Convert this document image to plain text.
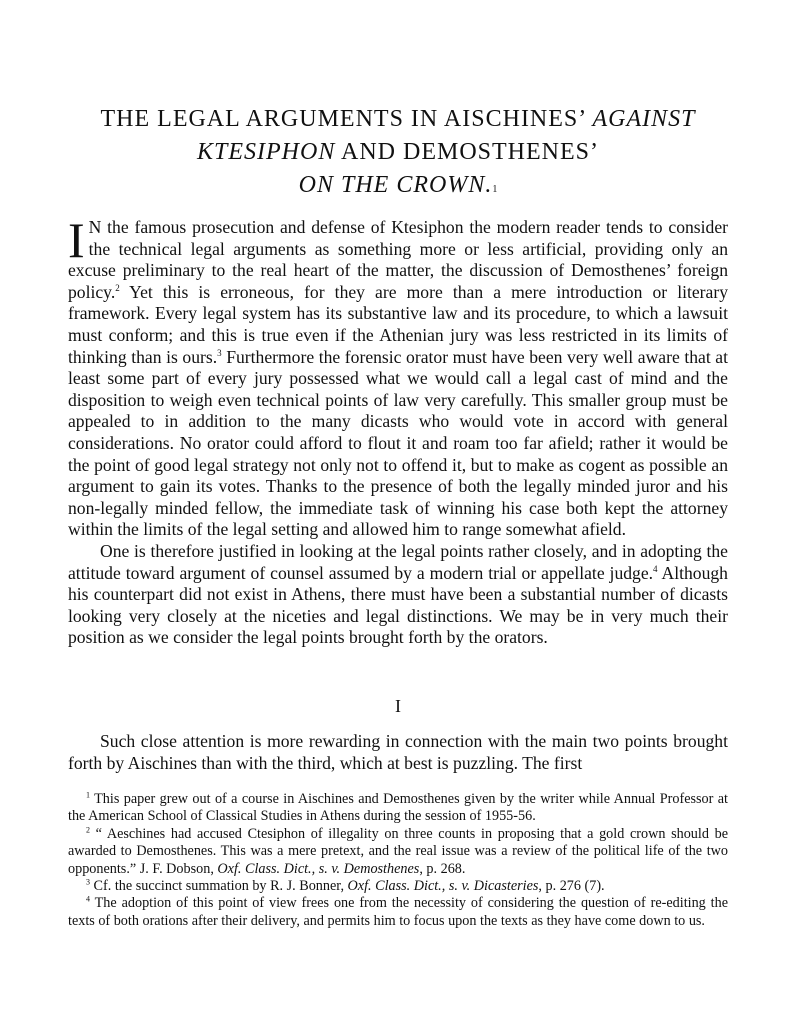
THE LEGAL ARGUMENTS IN AISCHINES’ AGAINST
KTESIPHON AND DEMOSTHENES’
ON THE CROWN.$^1$

I N the famous prosecution and defense of Ktesiphon the modern reader tends to consider the technical legal arguments as something more or less artificial, providing only an excuse preliminary to the real heart of the matter, the discussion of Demosthenes’ foreign policy.$^2$ Yet this is erroneous, for they are more than a mere introduction or literary framework. Every legal system has its substantive law and its procedure, to which a lawsuit must conform; and this is true even if the Athenian jury was less restricted in its limits of thinking than is ours.$^3$ Furthermore the forensic orator must have been very well aware that at least some part of every jury possessed what we would call a legal cast of mind and the disposition to weigh even technical points of law very carefully. This smaller group must be appealed to in addition to the many dicasts who would vote in accord with general considerations. No orator could afford to flout it and roam too far afield; rather it would be the point of good legal strategy not only not to offend it, but to make as cogent as possible an argument to gain its votes. Thanks to the presence of both the legally minded juror and his non-legally minded fellow, the immediate task of winning his case both kept the attorney within the limits of the legal setting and allowed him to range somewhat afield.

One is therefore justified in looking at the legal points rather closely, and in adopting the attitude toward argument of counsel assumed by a modern trial or appellate judge.$^4$ Although his counterpart did not exist in Athens, there must have been a substantial number of dicasts looking very closely at the niceties and legal distinctions. We may be in very much their position as we consider the legal points brought forth by the orators.

I

Such close attention is more rewarding in connection with the main two points brought forth by Aischines than with the third, which at best is puzzling. The first

$^1$ This paper grew out of a course in Aischines and Demosthenes given by the writer while Annual Professor at the American School of Classical Studies in Athens during the session of 1955-56.

$^2$ “ Aeschines had accused Ctesiphon of illegality on three counts in proposing that a gold crown should be awarded to Demosthenes. This was a mere pretext, and the real issue was a review of the political life of the two opponents.” J. F. Dobson, Oxf. Class. Dict., s. v. Demosthenes, p. 268.

$^3$ Cf. the succinct summation by R. J. Bonner, Oxf. Class. Dict., s. v. Dicasteries, p. 276 (7).

$^4$ The adoption of this point of view frees one from the necessity of considering the question of re-editing the texts of both orations after their delivery, and permits him to focus upon the texts as they have come down to us.
